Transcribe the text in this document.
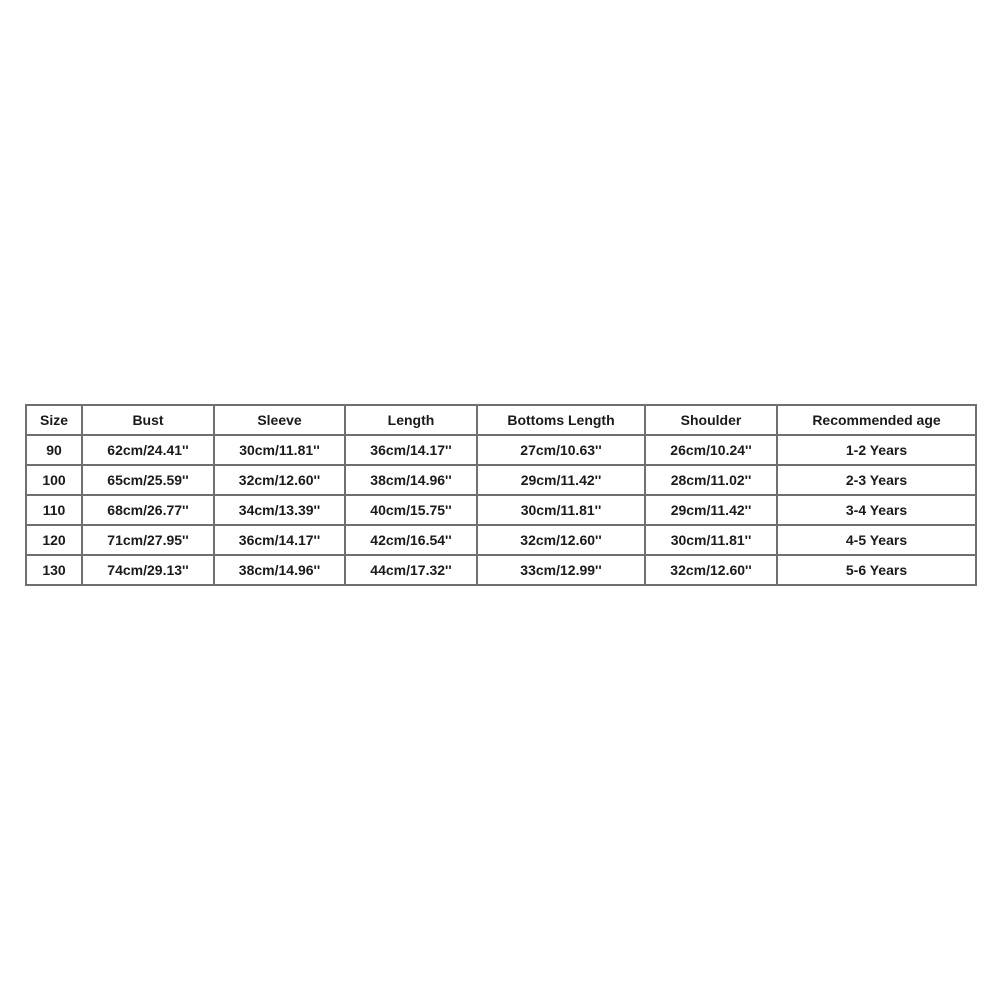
Size	Bust	Sleeve	Length	Bottoms Length	Shoulder	Recommended age
90	62cm/24.41''	30cm/11.81''	36cm/14.17''	27cm/10.63''	26cm/10.24''	1-2 Years
100	65cm/25.59''	32cm/12.60''	38cm/14.96''	29cm/11.42''	28cm/11.02''	2-3 Years
110	68cm/26.77''	34cm/13.39''	40cm/15.75''	30cm/11.81''	29cm/11.42''	3-4 Years
120	71cm/27.95''	36cm/14.17''	42cm/16.54''	32cm/12.60''	30cm/11.81''	4-5 Years
130	74cm/29.13''	38cm/14.96''	44cm/17.32''	33cm/12.99''	32cm/12.60''	5-6 Years
